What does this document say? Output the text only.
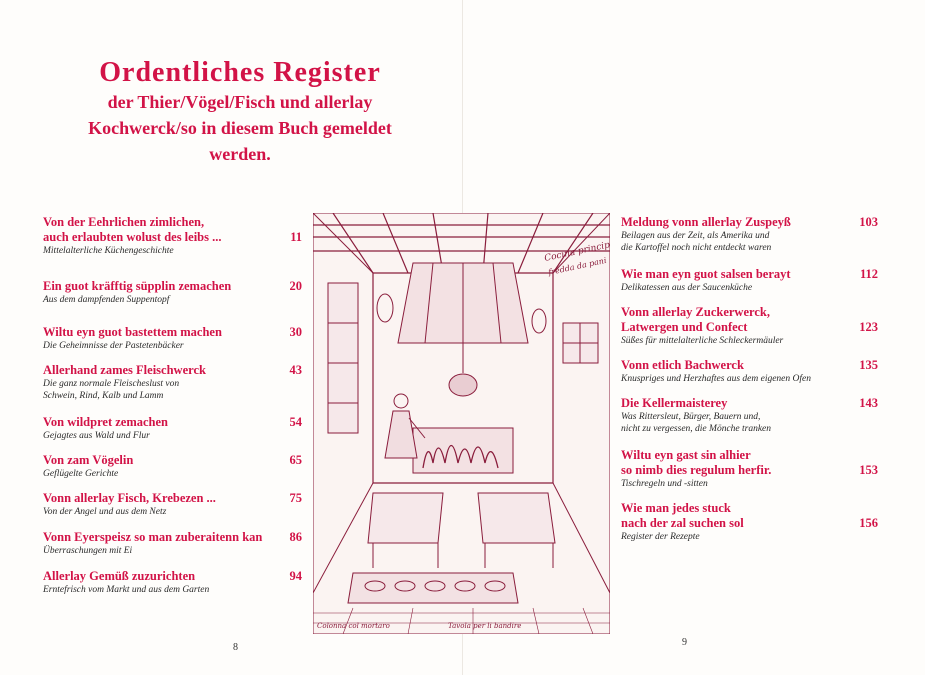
Ordentliches Register
der Thier/Vögel/Fisch und allerlay
Kochwerck/so in diesem Buch gemeldet
werden.
Von der Eehrlichen zimlichen,
auch erlaubten wolust des leibs ...
Mittelalterliche Küchengeschichte
11
Ein guot kräfftig süpplin zemachen
Aus dem dampfenden Suppentopf
20
Wiltu eyn guot bastettem machen
Die Geheimnisse der Pastetenbäcker
30
Allerhand zames Fleischwerck
Die ganz normale Fleischeslust von
Schwein, Rind, Kalb und Lamm
43
Von wildpret zemachen
Gejagtes aus Wald und Flur
54
Von zam Vögelin
Geflügelte Gerichte
65
Vonn allerlay Fisch, Krebezen ...
Von der Angel und aus dem Netz
75
Vonn Eyerspeisz so man zuberaitenn kan
Überraschungen mit Ei
86
Allerlay Gemüß zuzurichten
Erntefrisch vom Markt und aus dem Garten
94
Cocina principale
fredda da pani
Colonna col mortaro	Tavola per li bandire
Meldung vonn allerlay Zuspeyß
Beilagen aus der Zeit, als Amerika und
die Kartoffel noch nicht entdeckt waren
103
Wie man eyn guot salsen berayt
Delikatessen aus der Saucenküche
112
Vonn allerlay Zuckerwerck,
Latwergen und Confect
Süßes für mittelalterliche Schleckermäuler
123
Vonn etlich Bachwerck
Knuspriges und Herzhaftes aus dem eigenen Ofen
135
Die Kellermaisterey
Was Rittersleut, Bürger, Bauern und,
nicht zu vergessen, die Mönche tranken
143
Wiltu eyn gast sin alhier
so nimb dies regulum herfir.
Tischregeln und -sitten
153
Wie man jedes stuck
nach der zal suchen sol
Register der Rezepte
156
8	9
